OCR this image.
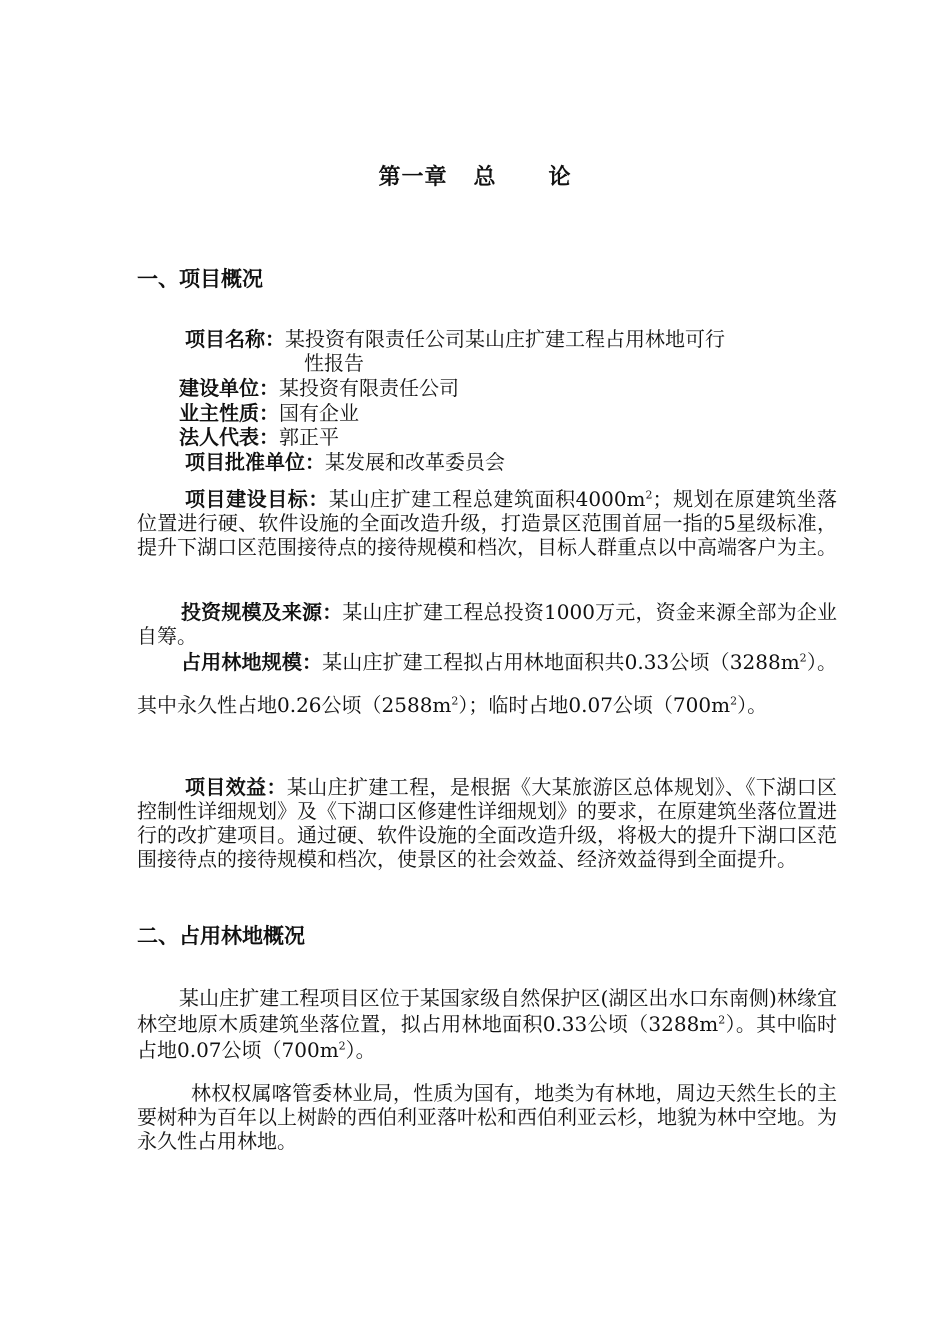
第一章 总 论
一、项目概况
项目名称：某投资有限责任公司某山庄扩建工程占用林地可行
性报告
建设单位：某投资有限责任公司
业主性质：国有企业
法人代表：郭正平
项目批准单位：某发展和改革委员会
项目建设目标：某山庄扩建工程总建筑面积$4000m^2$；规划在原建筑坐落位置进行硬、软件设施的全面改造升级，打造景区范围首屈一指的5星级标准，提升下湖口区范围接待点的接待规模和档次，目标人群重点以中高端客户为主。
投资规模及来源：某山庄扩建工程总投资1000万元，资金来源全部为企业自筹。
占用林地规模：某山庄扩建工程拟占用林地面积共0.33公顷$(3288m^2)$。其中永久性占地0.26公顷$(2588m^2)$；临时占地0.07公顷$(700m^2)$。
项目效益：某山庄扩建工程，是根据《大某旅游区总体规划》、《下湖口区控制性详细规划》及《下湖口区修建性详细规划》的要求，在原建筑坐落位置进行的改扩建项目。通过硬、软件设施的全面改造升级，将极大的提升下湖口区范围接待点的接待规模和档次，使景区的社会效益、经济效益得到全面提升。
二、占用林地概况
某山庄扩建工程项目区位于某国家级自然保护区(湖区出水口东南侧)林缘宜林空地原木质建筑坐落位置，拟占用林地面积0.33公顷$(3288m^2)$。其中临时占地0.07公顷$(700m^2)$。
林权权属喀管委林业局，性质为国有，地类为有林地，周边天然生长的主要树种为百年以上树龄的西伯利亚落叶松和西伯利亚云杉，地貌为林中空地。为永久性占用林地。
